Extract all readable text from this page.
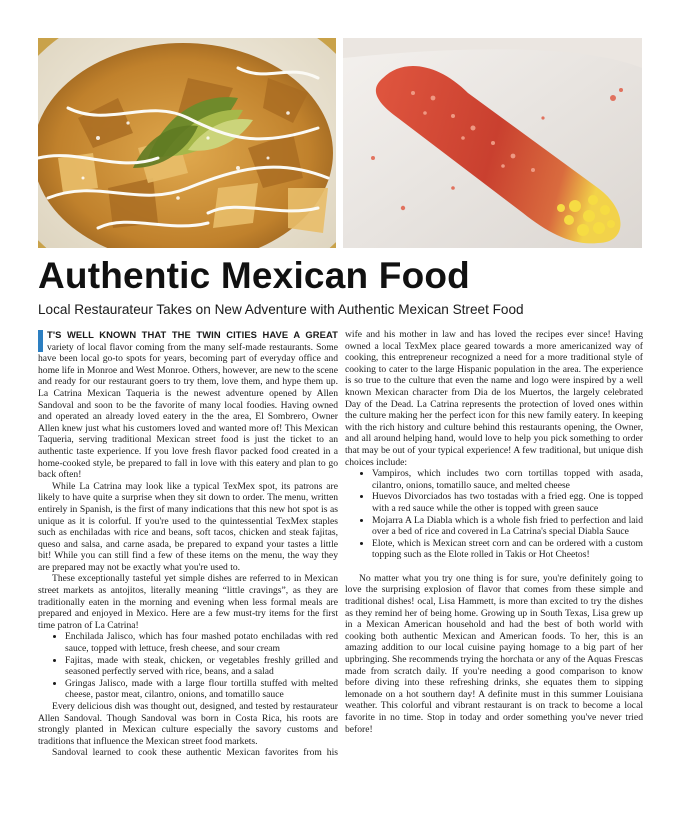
Authentic Mexican Food
Local Restaurateur Takes on New Adventure with Authentic Mexican Street Food

T'S WELL KNOWN THAT THE TWIN CITIES HAVE A GREAT variety of local flavor coming from the many self-made restaurants. Some have been local go-to spots for years, becoming part of everyday office and home life in Monroe and West Monroe. Others, however, are new to the scene and ready for our restaurant goers to try them, love them, and hype them up. La Catrina Mexican Taqueria is the newest adventure opened by Allen Sandoval and soon to be the favorite of many local foodies. Having owned and operated an already loved eatery in the the area, El Sombrero, Owner Allen knew just what his customers loved and wanted more of! This Mexican Taqueria, serving traditional Mexican street food is just the ticket to an authentic taste experience. If you love fresh flavor packed food created in a home-cooked style, be prepared to fall in love with this eatery and plan to go back often!

While La Catrina may look like a typical TexMex spot, its patrons are likely to have quite a surprise when they sit down to order. The menu, written entirely in Spanish, is the first of many indications that this new hot spot is as unique as it is colorful. If you're used to the quintessential TexMex staples such as enchiladas with rice and beans, soft tacos, chicken and steak fajitas, queso and salsa, and carne asada, be prepared to expand your tastes a little bit! While you can still find a few of these items on the menu, the way they are prepared may not be exactly what you're used to.

These exceptionally tasteful yet simple dishes are referred to in Mexican street markets as antojitos, literally meaning “little cravings”, as they are traditionally eaten in the morning and evening when less formal meals are prepared and enjoyed in Mexico. Here are a few must-try items for the first time patron of La Catrina!

• Enchilada Jalisco, which has four mashed potato enchiladas with red sauce, topped with lettuce, fresh cheese, and sour cream
• Fajitas, made with steak, chicken, or vegetables freshly grilled and seasoned perfectly served with rice, beans, and a salad
• Gringas Jalisco, made with a large flour tortilla stuffed with melted cheese, pastor meat, cilantro, onions, and tomatillo sauce

Every delicious dish was thought out, designed, and tested by restaurateur Allen Sandoval. Though Sandoval was born in Costa Rica, his roots are strongly planted in Mexican culture especially the savory customs and traditions that influence the Mexican street food markets.

Sandoval learned to cook these authentic Mexican favorites from his

wife and his mother in law and has loved the recipes ever since! Having owned a local TexMex place geared towards a more americanized way of cooking, this entrepreneur recognized a need for a more traditional style of cooking to cater to the large Hispanic population in the area. The experience is so true to the culture that even the name and logo were inspired by a well known Mexican character from Dia de los Muertos, the largely celebrated Day of the Dead. La Catrina represents the protection of loved ones within the culture making her the perfect icon for this new family eatery. In keeping with the rich history and culture behind this restaurants opening, the Owner, and all around helping hand, would love to help you pick something to order that may be out of your typical experience! A few traditional, but unique dish choices include:

• Vampiros, which includes two corn tortillas topped with asada, cilantro, onions, tomatillo sauce, and melted cheese
• Huevos Divorciados has two tostadas with a fried egg. One is topped with a red sauce while the other is topped with green sauce
• Mojarra A La Diabla which is a whole fish fried to perfection and laid over a bed of rice and covered in La Catrina's special Diabla Sauce
• Elote, which is Mexican street corn and can be ordered with a custom topping such as the Elote rolled in Takis or Hot Cheetos!

No matter what you try one thing is for sure, you're definitely going to love the surprising explosion of flavor that comes from these simple and traditional dishes! ocal, Lisa Hammett, is more than excited to try the dishes as they remind her of being home. Growing up in South Texas, Lisa grew up in a Mexican American household and had the best of both world with cooking both authentic Mexican and American foods. To her, this is an amazing addition to our local cuisine paying homage to a big part of her upbringing. She recommends trying the horchata or any of the Aquas Frescas made from scratch daily. If you're needing a good comparison to know before diving into these refreshing drinks, she equates them to sipping lemonade on a hot southern day! A definite must in this summer Louisiana weather. This colorful and vibrant restaurant is on track to become a local favorite in no time. Stop in today and order something you've never tried before!
